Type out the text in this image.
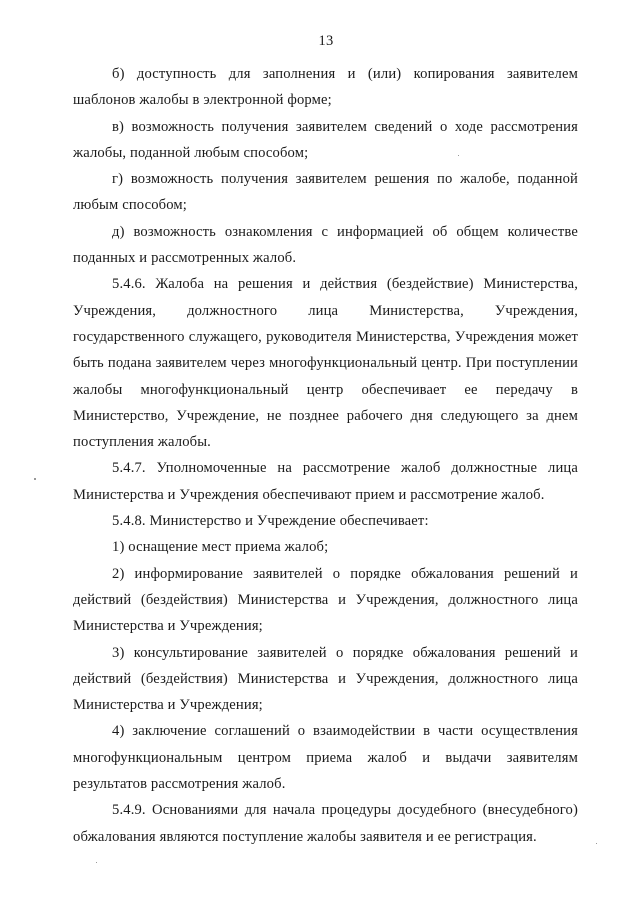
13

б) доступность для заполнения и (или) копирования заявителем шаблонов жалобы в электронной форме;

в) возможность получения заявителем сведений о ходе рассмотрения жалобы, поданной любым способом;

г) возможность получения заявителем решения по жалобе, поданной любым способом;

д) возможность ознакомления с информацией об общем количестве поданных и рассмотренных жалоб.

5.4.6. Жалоба на решения и действия (бездействие) Министерства, Учреждения, должностного лица Министерства, Учреждения, государственного служащего, руководителя Министерства, Учреждения может быть подана заявителем через многофункциональный центр. При поступлении жалобы многофункциональный центр обеспечивает ее передачу в Министерство, Учреждение, не позднее рабочего дня следующего за днем поступления жалобы.

5.4.7. Уполномоченные на рассмотрение жалоб должностные лица Министерства и Учреждения обеспечивают прием и рассмотрение жалоб.

5.4.8. Министерство и Учреждение обеспечивает:

1) оснащение мест приема жалоб;

2) информирование заявителей о порядке обжалования решений и действий (бездействия) Министерства и Учреждения, должностного лица Министерства и Учреждения;

3) консультирование заявителей о порядке обжалования решений и действий (бездействия) Министерства и Учреждения, должностного лица Министерства и Учреждения;

4) заключение соглашений о взаимодействии в части осуществления многофункциональным центром приема жалоб и выдачи заявителям результатов рассмотрения жалоб.

5.4.9. Основаниями для начала процедуры досудебного (внесудебного) обжалования являются поступление жалобы заявителя и ее регистрация.
